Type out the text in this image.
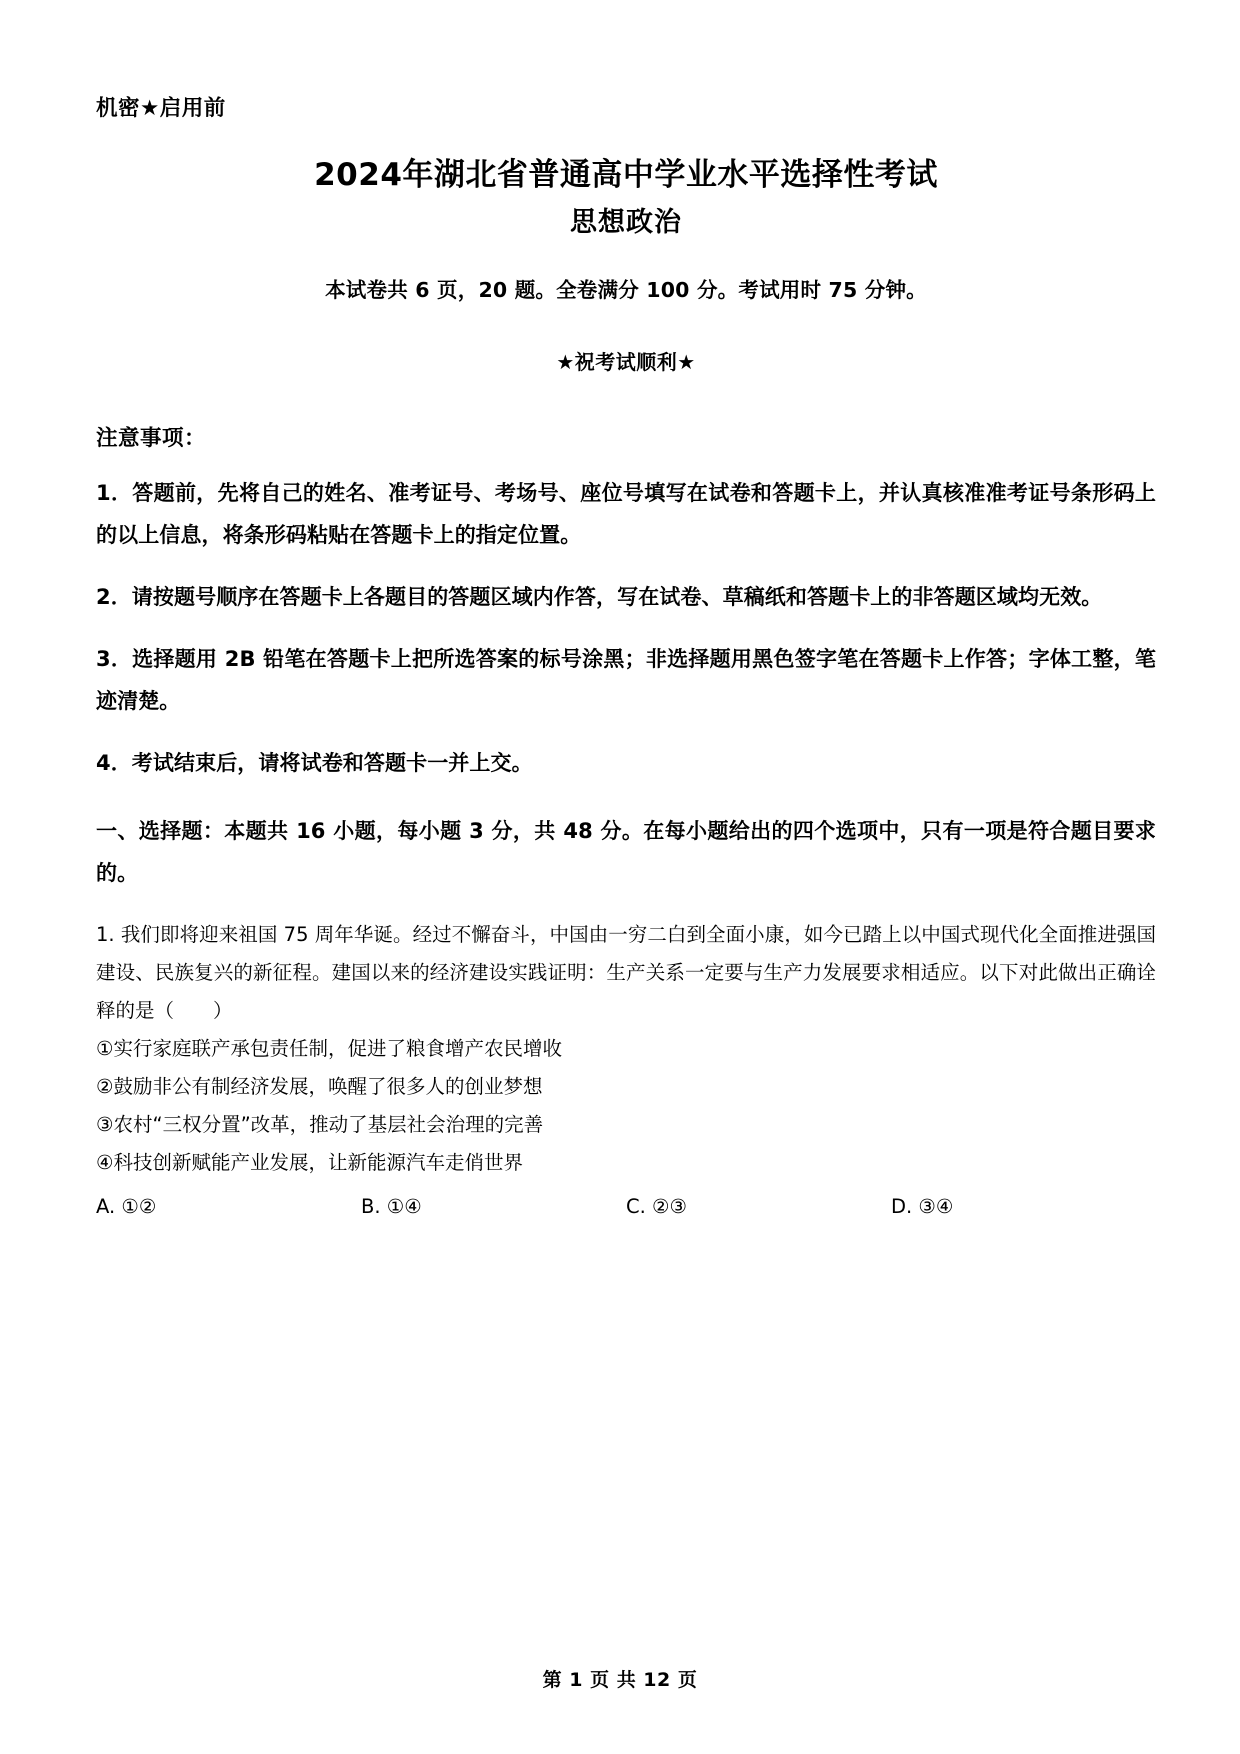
机密★启用前
2024年湖北省普通高中学业水平选择性考试
思想政治
本试卷共 6 页，20 题。全卷满分 100 分。考试用时 75 分钟。
★祝考试顺利★
注意事项：

1．答题前，先将自己的姓名、准考证号、考场号、座位号填写在试卷和答题卡上，并认真核准准考证号条形码上的以上信息，将条形码粘贴在答题卡上的指定位置。

2．请按题号顺序在答题卡上各题目的答题区域内作答，写在试卷、草稿纸和答题卡上的非答题区域均无效。

3．选择题用 2B 铅笔在答题卡上把所选答案的标号涂黑；非选择题用黑色签字笔在答题卡上作答；字体工整，笔迹清楚。

4．考试结束后，请将试卷和答题卡一并上交。

一、选择题：本题共 16 小题，每小题 3 分，共 48 分。在每小题给出的四个选项中，只有一项是符合题目要求的。

1. 我们即将迎来祖国 75 周年华诞。经过不懈奋斗，中国由一穷二白到全面小康，如今已踏上以中国式现代化全面推进强国建设、民族复兴的新征程。建国以来的经济建设实践证明：生产关系一定要与生产力发展要求相适应。以下对此做出正确诠释的是（　　）

①实行家庭联产承包责任制，促进了粮食增产农民增收

②鼓励非公有制经济发展，唤醒了很多人的创业梦想

③农村“三权分置”改革，推动了基层社会治理的完善

④科技创新赋能产业发展，让新能源汽车走俏世界

A. ①②	B. ①④	C. ②③	D. ③④
第 1 页 共 12 页
